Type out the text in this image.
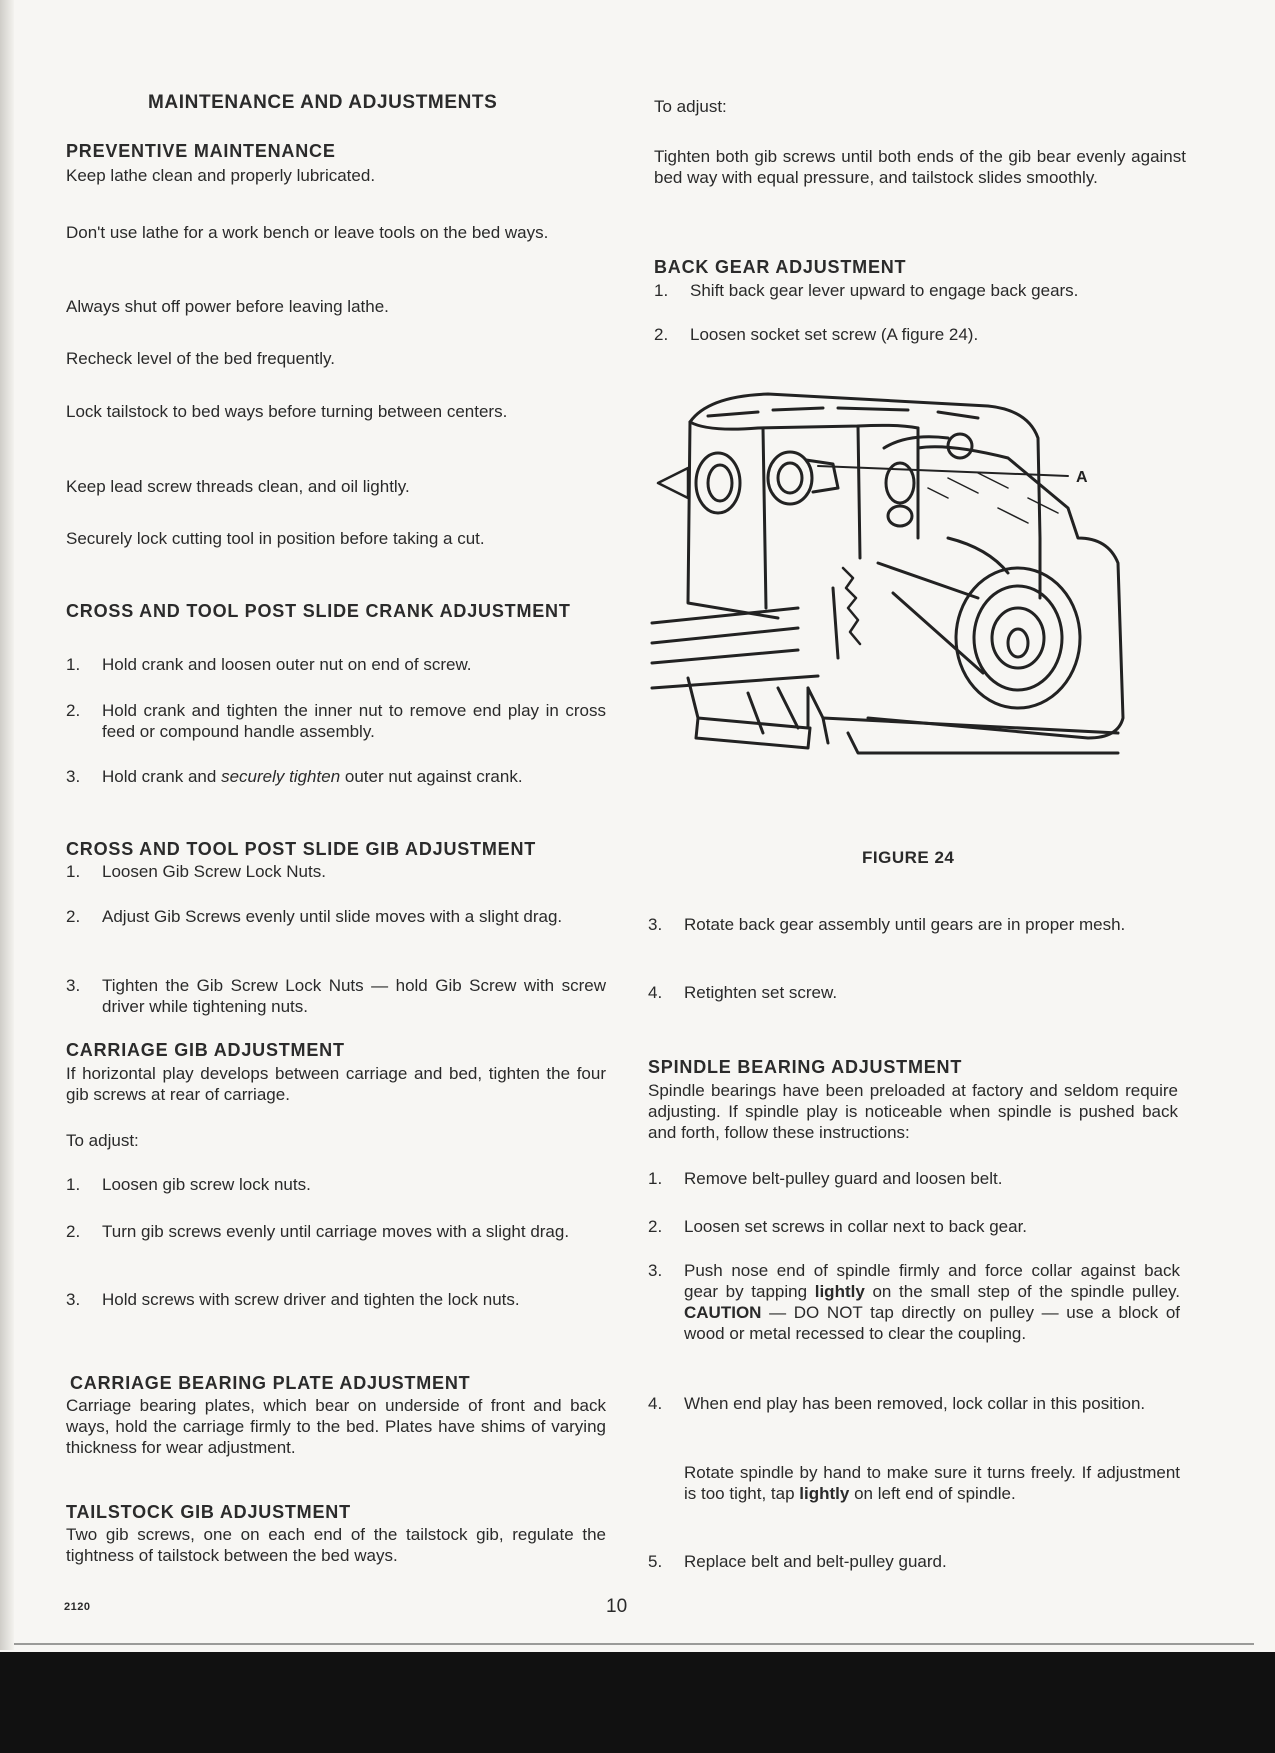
MAINTENANCE AND ADJUSTMENTS
PREVENTIVE MAINTENANCE

Keep lathe clean and properly lubricated.

Don't use lathe for a work bench or leave tools on the bed ways.

Always shut off power before leaving lathe.

Recheck level of the bed frequently.

Lock tailstock to bed ways before turning between centers.

Keep lead screw threads clean, and oil lightly.

Securely lock cutting tool in position before taking a cut.

CROSS AND TOOL POST SLIDE CRANK ADJUSTMENT
1. Hold crank and loosen outer nut on end of screw.
2. Hold crank and tighten the inner nut to remove end play in cross feed or compound handle assembly.
3. Hold crank and securely tighten outer nut against crank.
CROSS AND TOOL POST SLIDE GIB ADJUSTMENT
1. Loosen Gib Screw Lock Nuts.
2. Adjust Gib Screws evenly until slide moves with a slight drag.
3. Tighten the Gib Screw Lock Nuts — hold Gib Screw with screw driver while tightening nuts.
CARRIAGE GIB ADJUSTMENT

If horizontal play develops between carriage and bed, tighten the four gib screws at rear of carriage.

To adjust:

1. Loosen gib screw lock nuts.
2. Turn gib screws evenly until carriage moves with a slight drag.
3. Hold screws with screw driver and tighten the lock nuts.
CARRIAGE BEARING PLATE ADJUSTMENT

Carriage bearing plates, which bear on underside of front and back ways, hold the carriage firmly to the bed. Plates have shims of varying thickness for wear adjustment.

TAILSTOCK GIB ADJUSTMENT

Two gib screws, one on each end of the tailstock gib, regulate the tightness of tailstock between the bed ways.

To adjust:

Tighten both gib screws until both ends of the gib bear evenly against bed way with equal pressure, and tailstock slides smoothly.

BACK GEAR ADJUSTMENT
1. Shift back gear lever upward to engage back gears.
2. Loosen socket set screw (A figure 24).
3. Rotate back gear assembly until gears are in proper mesh.
4. Retighten set screw.
SPINDLE BEARING ADJUSTMENT

Spindle bearings have been preloaded at factory and seldom require adjusting. If spindle play is noticeable when spindle is pushed back and forth, follow these instructions:

1. Remove belt-pulley guard and loosen belt.
2. Loosen set screws in collar next to back gear.
3. Push nose end of spindle firmly and force collar against back gear by tapping lightly on the small step of the spindle pulley. CAUTION — DO NOT tap directly on pulley — use a block of wood or metal recessed to clear the coupling.
4. When end play has been removed, lock collar in this position.
Rotate spindle by hand to make sure it turns freely. If adjustment is too tight, tap lightly on left end of spindle.
5. Replace belt and belt-pulley guard.
A
FIGURE 24
2120	10
